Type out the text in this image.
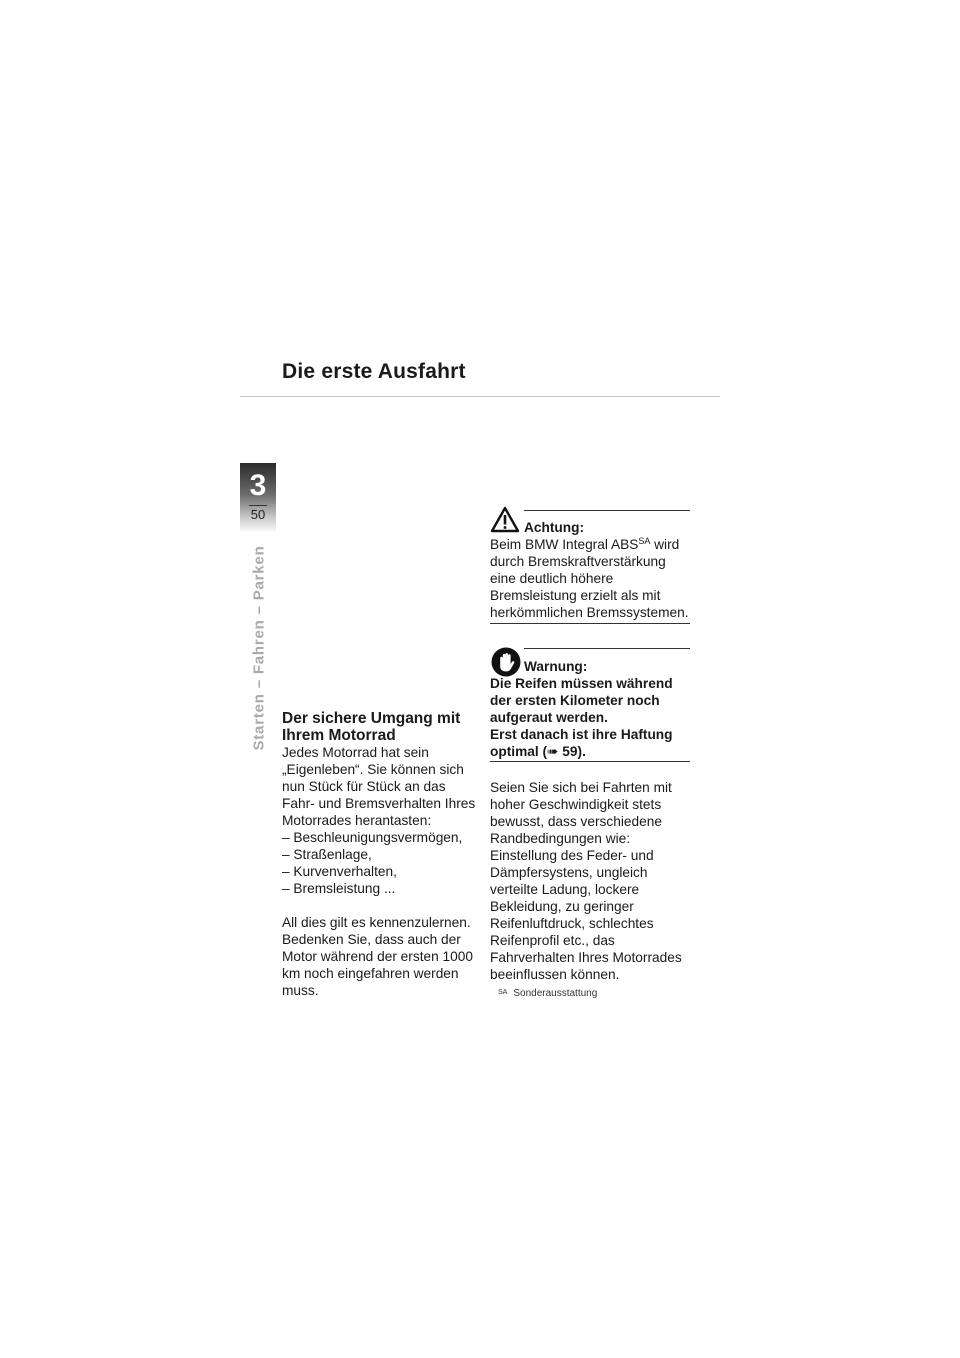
Die erste Ausfahrt
3
50
Starten – Fahren – Parken Der sichere Umgang mit Ihrem Motorrad

Jedes Motorrad hat sein „Eigenleben“. Sie können sich nun Stück für Stück an das Fahr- und Bremsverhalten Ihres Motorrades herantasten:

– Beschleunigungsvermögen,
– Straßenlage,
– Kurvenverhalten,
– Bremsleistung ...

All dies gilt es kennenzulernen. Bedenken Sie, dass auch der Motor während der ersten 1000 km noch eingefahren werden muss.

Achtung:

Beim BMW Integral $ABS^{SA}$ wird durch Bremskraftverstärkung eine deutlich höhere Bremsleistung erzielt als mit herkömmlichen Bremssystemen.

Warnung:

Die Reifen müssen während der ersten Kilometer noch aufgeraut werden.

Erst danach ist ihre Haftung optimal (➠ 59).

Seien Sie sich bei Fahrten mit hoher Geschwindigkeit stets bewusst, dass verschiedene Randbedingungen wie: Einstellung des Feder- und Dämpfersystens, ungleich verteilte Ladung, lockere Bekleidung, zu geringer Reifenluftdruck, schlechtes Reifenprofil etc., das Fahrverhalten Ihres Motorrades beeinflussen können.

$^{SA}$ Sonderausstattung
